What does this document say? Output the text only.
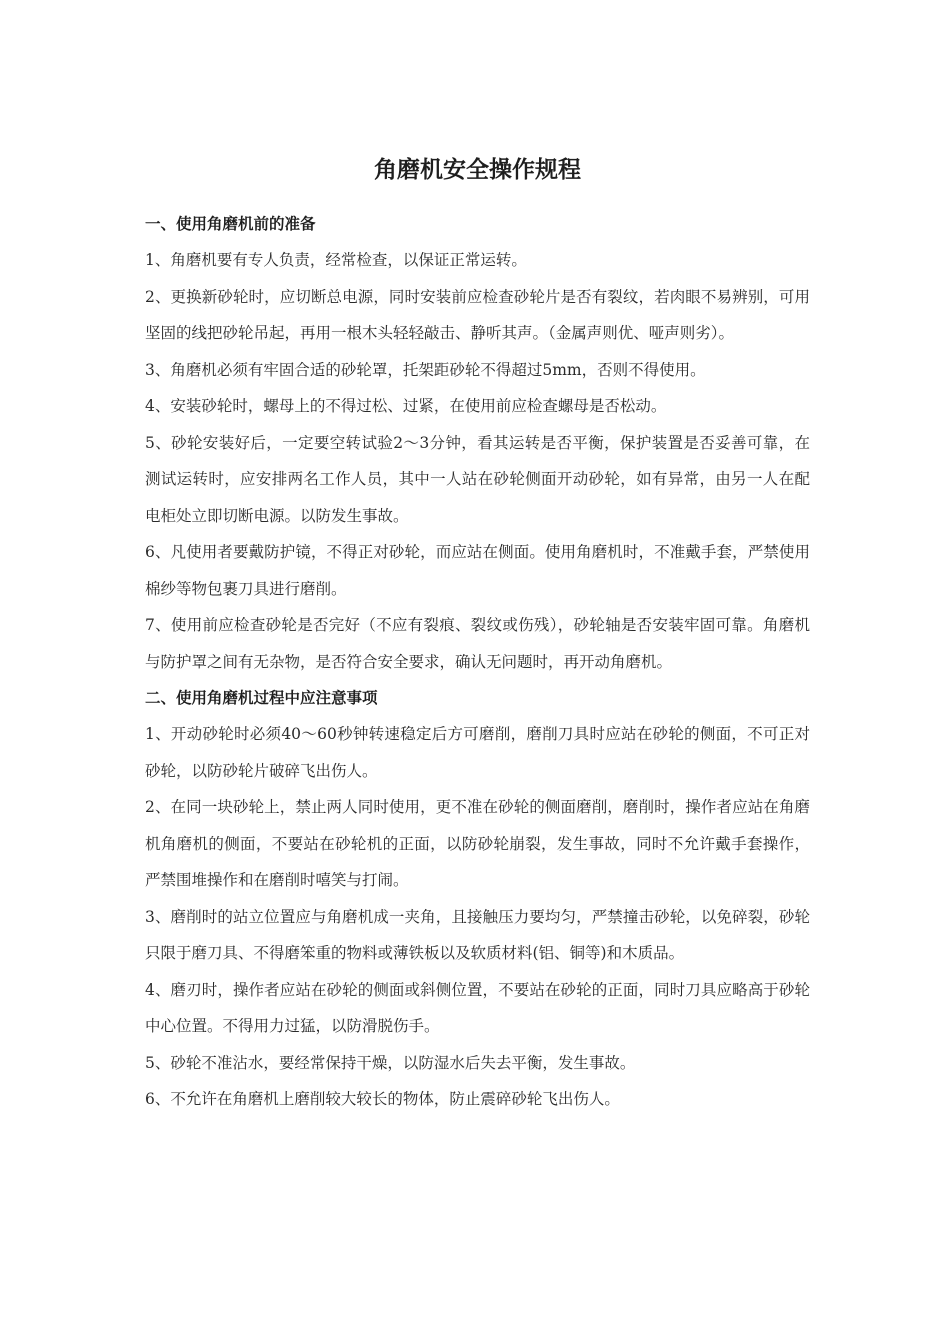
角磨机安全操作规程
一、使用角磨机前的准备

1、角磨机要有专人负责，经常检查，以保证正常运转。

2、更换新砂轮时，应切断总电源，同时安装前应检查砂轮片是否有裂纹，若肉眼不易辨别，可用坚固的线把砂轮吊起，再用一根木头轻轻敲击、静听其声。（金属声则优、哑声则劣）。

3、角磨机必须有牢固合适的砂轮罩，托架距砂轮不得超过5mm，否则不得使用。

4、安装砂轮时，螺母上的不得过松、过紧，在使用前应检查螺母是否松动。

5、砂轮安装好后，一定要空转试验2～3分钟，看其运转是否平衡，保护装置是否妥善可靠，在测试运转时，应安排两名工作人员，其中一人站在砂轮侧面开动砂轮，如有异常，由另一人在配电柜处立即切断电源。以防发生事故。

6、凡使用者要戴防护镜，不得正对砂轮，而应站在侧面。使用角磨机时，不准戴手套，严禁使用棉纱等物包裹刀具进行磨削。

7、使用前应检查砂轮是否完好（不应有裂痕、裂纹或伤残），砂轮轴是否安装牢固可靠。角磨机与防护罩之间有无杂物，是否符合安全要求，确认无问题时，再开动角磨机。

二、使用角磨机过程中应注意事项

1、开动砂轮时必须40～60秒钟转速稳定后方可磨削，磨削刀具时应站在砂轮的侧面，不可正对砂轮，以防砂轮片破碎飞出伤人。

2、在同一块砂轮上，禁止两人同时使用，更不准在砂轮的侧面磨削，磨削时，操作者应站在角磨机角磨机的侧面，不要站在砂轮机的正面，以防砂轮崩裂，发生事故，同时不允许戴手套操作，严禁围堆操作和在磨削时嘻笑与打闹。

3、磨削时的站立位置应与角磨机成一夹角，且接触压力要均匀，严禁撞击砂轮，以免碎裂，砂轮只限于磨刀具、不得磨笨重的物料或薄铁板以及软质材料(铝、铜等)和木质品。

4、磨刃时，操作者应站在砂轮的侧面或斜侧位置，不要站在砂轮的正面，同时刀具应略高于砂轮中心位置。不得用力过猛，以防滑脱伤手。

5、砂轮不准沾水，要经常保持干燥，以防湿水后失去平衡，发生事故。

6、不允许在角磨机上磨削较大较长的物体，防止震碎砂轮飞出伤人。
